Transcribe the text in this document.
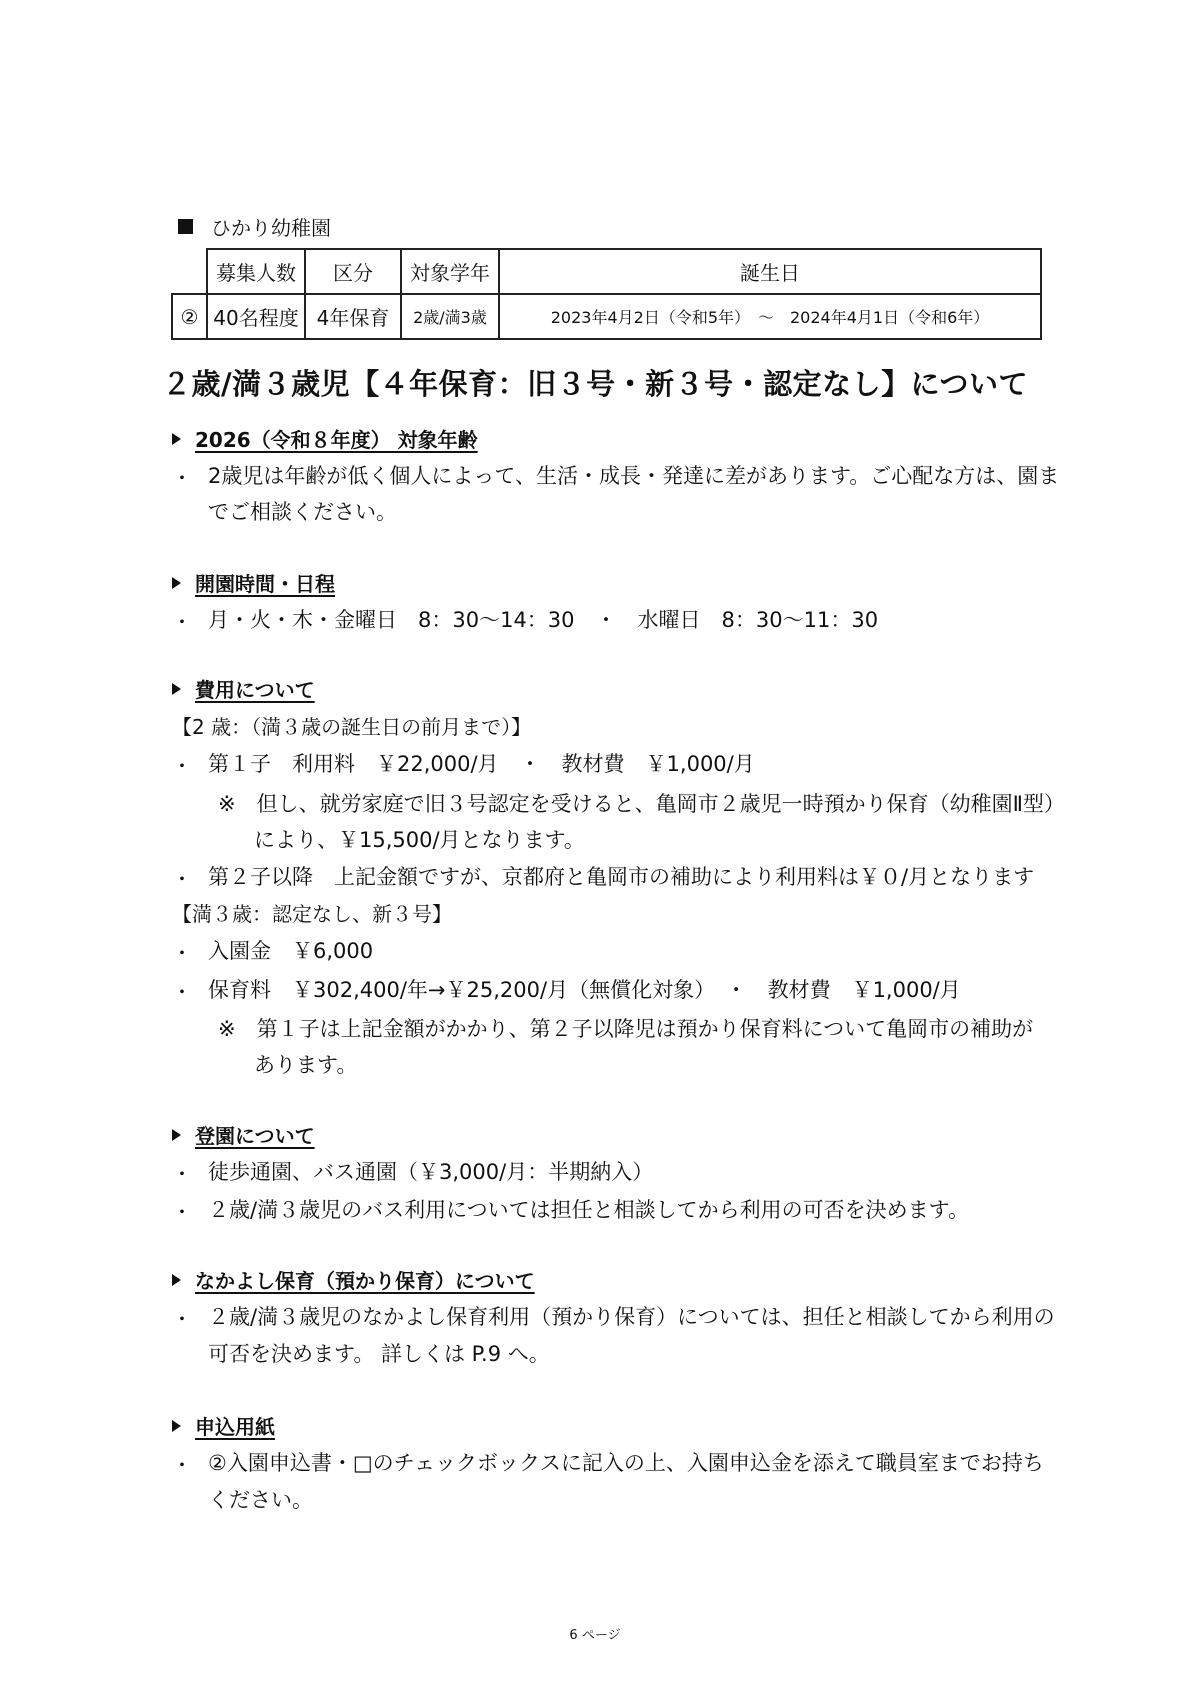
ひかり幼稚園
	募集人数	区分	対象学年	誕生日
②	40名程度	4年保育	2歳/満3歳	2023年4月2日（令和5年）　～　2024年4月1日（令和6年）
２歳/満３歳児【４年保育：旧３号・新３号・認定なし】について
2026（令和８年度） 対象年齢
・ 2歳児は年齢が低く個人によって、生活・成長・発達に差があります。ご心配な方は、園ま
でご相談ください。
開園時間・日程
・ 月・火・木・金曜日　8：30～14：30　・　水曜日　8：30～11：30
費用について
【2 歳：（満３歳の誕生日の前月まで）】
・ 第１子　利用料　￥22,000/月　・　教材費　￥1,000/月
※　但し、就労家庭で旧３号認定を受けると、亀岡市２歳児一時預かり保育（幼稚園Ⅱ型）
により、￥15,500/月となります。
・ 第２子以降　上記金額ですが、京都府と亀岡市の補助により利用料は￥０/月となります
【満３歳：認定なし、新３号】
・ 入園金　￥6,000
・ 保育料　￥302,400/年→￥25,200/月（無償化対象）　・　教材費　￥1,000/月
※　第１子は上記金額がかかり、第２子以降児は預かり保育料について亀岡市の補助が
あります。
登園について
・ 徒歩通園、バス通園（￥3,000/月：半期納入）
・ ２歳/満３歳児のバス利用については担任と相談してから利用の可否を決めます。
なかよし保育（預かり保育）について
・ ２歳/満３歳児のなかよし保育利用（預かり保育）については、担任と相談してから利用の
可否を決めます。 詳しくは P.9 へ。
申込用紙
・ ②入園申込書・□のチェックボックスに記入の上、入園申込金を添えて職員室までお持ち
ください。
6 ページ
